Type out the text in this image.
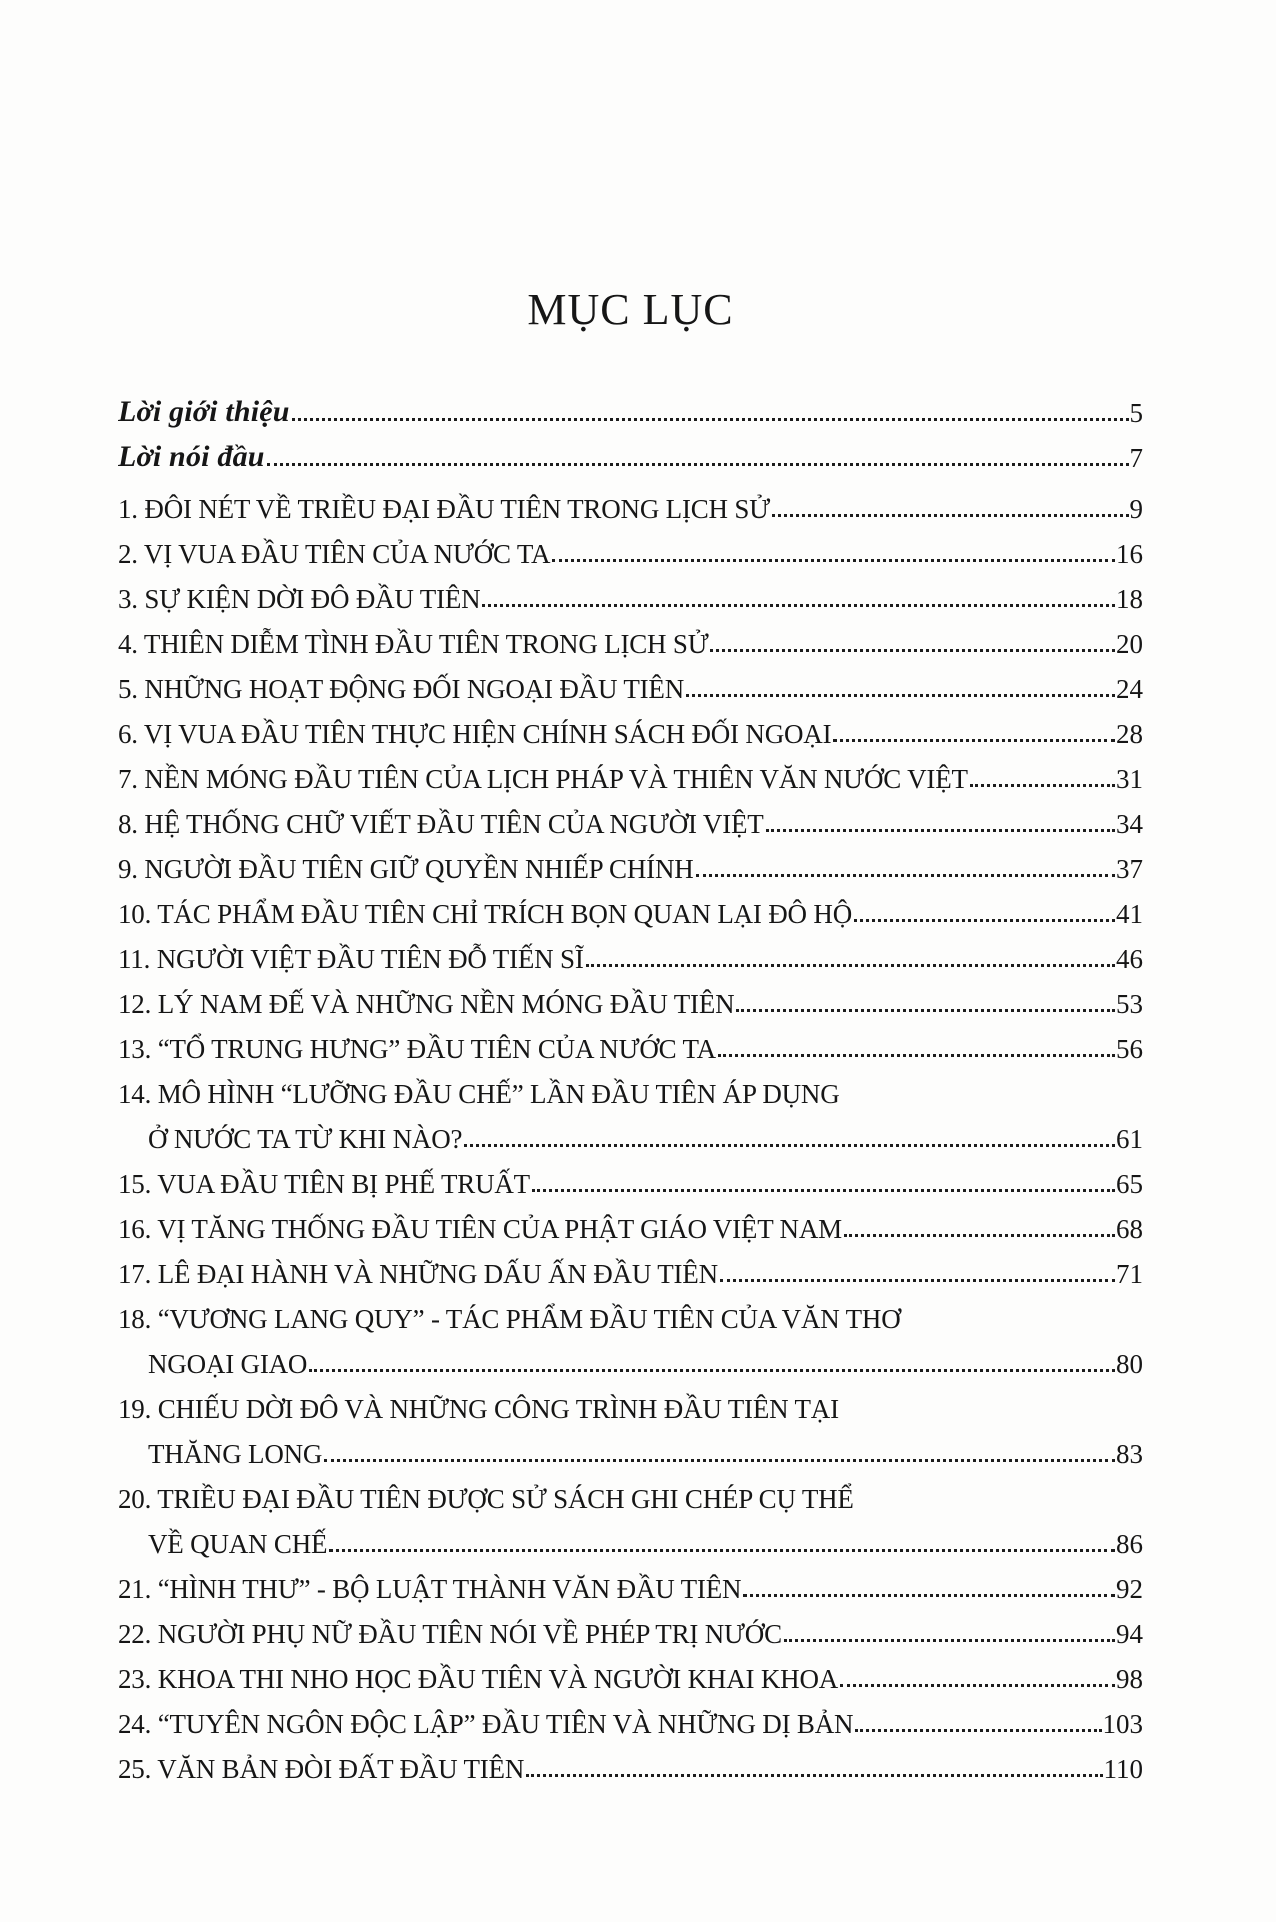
MỤC LỤC
Lời giới thiệu	5
Lời nói đầu	7
1. ĐÔI NÉT VỀ TRIỀU ĐẠI ĐẦU TIÊN TRONG LỊCH SỬ	9
2. VỊ VUA ĐẦU TIÊN CỦA NƯỚC TA	16
3. SỰ KIỆN DỜI ĐÔ ĐẦU TIÊN	18
4. THIÊN DIỄM TÌNH ĐẦU TIÊN TRONG LỊCH SỬ	20
5. NHỮNG HOẠT ĐỘNG ĐỐI NGOẠI ĐẦU TIÊN	24
6. VỊ VUA ĐẦU TIÊN THỰC HIỆN CHÍNH SÁCH ĐỐI NGOẠI	28
7. NỀN MÓNG ĐẦU TIÊN CỦA LỊCH PHÁP VÀ THIÊN VĂN NƯỚC VIỆT	31
8. HỆ THỐNG CHỮ VIẾT ĐẦU TIÊN CỦA NGƯỜI VIỆT	34
9. NGƯỜI ĐẦU TIÊN GIỮ QUYỀN NHIẾP CHÍNH	37
10. TÁC PHẨM ĐẦU TIÊN CHỈ TRÍCH BỌN QUAN LẠI ĐÔ HỘ	41
11. NGƯỜI VIỆT ĐẦU TIÊN ĐỖ TIẾN SĨ	46
12. LÝ NAM ĐẾ VÀ NHỮNG NỀN MÓNG ĐẦU TIÊN	53
13. “TỔ TRUNG HƯNG” ĐẦU TIÊN CỦA NƯỚC TA	56
14. MÔ HÌNH “LƯỠNG ĐẦU CHẾ” LẦN ĐẦU TIÊN ÁP DỤNG
Ở NƯỚC TA TỪ KHI NÀO?	61
15. VUA ĐẦU TIÊN BỊ PHẾ TRUẤT	65
16. VỊ TĂNG THỐNG ĐẦU TIÊN CỦA PHẬT GIÁO VIỆT NAM	68
17. LÊ ĐẠI HÀNH VÀ NHỮNG DẤU ẤN ĐẦU TIÊN	71
18. “VƯƠNG LANG QUY” - TÁC PHẨM ĐẦU TIÊN CỦA VĂN THƠ
NGOẠI GIAO	80
19. CHIẾU DỜI ĐÔ VÀ NHỮNG CÔNG TRÌNH ĐẦU TIÊN TẠI
THĂNG LONG	83
20. TRIỀU ĐẠI ĐẦU TIÊN ĐƯỢC SỬ SÁCH GHI CHÉP CỤ THỂ
VỀ QUAN CHẾ	86
21. “HÌNH THƯ” - BỘ LUẬT THÀNH VĂN ĐẦU TIÊN	92
22. NGƯỜI PHỤ NỮ ĐẦU TIÊN NÓI VỀ PHÉP TRỊ NƯỚC	94
23. KHOA THI NHO HỌC ĐẦU TIÊN VÀ NGƯỜI KHAI KHOA	98
24. “TUYÊN NGÔN ĐỘC LẬP” ĐẦU TIÊN VÀ NHỮNG DỊ BẢN	103
25. VĂN BẢN ĐÒI ĐẤT ĐẦU TIÊN	110
